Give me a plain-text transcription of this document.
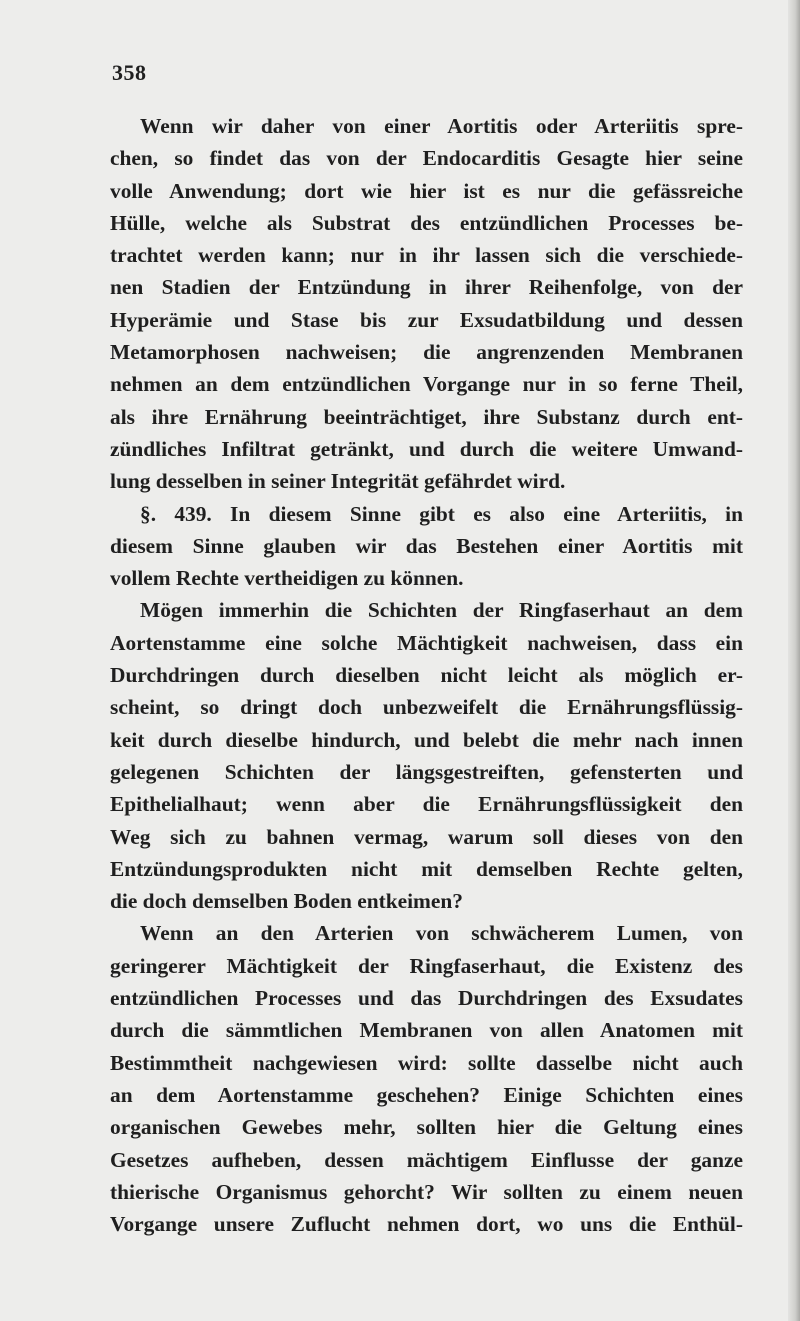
358
Wenn wir daher von einer Aortitis oder Arteriitis spre-
chen, so findet das von der Endocarditis Gesagte hier seine
volle Anwendung; dort wie hier ist es nur die gefässreiche
Hülle, welche als Substrat des entzündlichen Processes be-
trachtet werden kann; nur in ihr lassen sich die verschiede-
nen Stadien der Entzündung in ihrer Reihenfolge, von der
Hyperämie und Stase bis zur Exsudatbildung und dessen
Metamorphosen nachweisen; die angrenzenden Membranen
nehmen an dem entzündlichen Vorgange nur in so ferne Theil,
als ihre Ernährung beeinträchtiget, ihre Substanz durch ent-
zündliches Infiltrat getränkt, und durch die weitere Umwand-
lung desselben in seiner Integrität gefährdet wird.
§. 439. In diesem Sinne gibt es also eine Arteriitis, in
diesem Sinne glauben wir das Bestehen einer Aortitis mit
vollem Rechte vertheidigen zu können.
Mögen immerhin die Schichten der Ringfaserhaut an dem
Aortenstamme eine solche Mächtigkeit nachweisen, dass ein
Durchdringen durch dieselben nicht leicht als möglich er-
scheint, so dringt doch unbezweifelt die Ernährungsflüssig-
keit durch dieselbe hindurch, und belebt die mehr nach innen
gelegenen Schichten der längsgestreiften, gefensterten und
Epithelialhaut; wenn aber die Ernährungsflüssigkeit den
Weg sich zu bahnen vermag, warum soll dieses von den
Entzündungsprodukten nicht mit demselben Rechte gelten,
die doch demselben Boden entkeimen?
Wenn an den Arterien von schwächerem Lumen, von
geringerer Mächtigkeit der Ringfaserhaut, die Existenz des
entzündlichen Processes und das Durchdringen des Exsudates
durch die sämmtlichen Membranen von allen Anatomen mit
Bestimmtheit nachgewiesen wird: sollte dasselbe nicht auch
an dem Aortenstamme geschehen? Einige Schichten eines
organischen Gewebes mehr, sollten hier die Geltung eines
Gesetzes aufheben, dessen mächtigem Einflusse der ganze
thierische Organismus gehorcht? Wir sollten zu einem neuen
Vorgange unsere Zuflucht nehmen dort, wo uns die Enthül-
